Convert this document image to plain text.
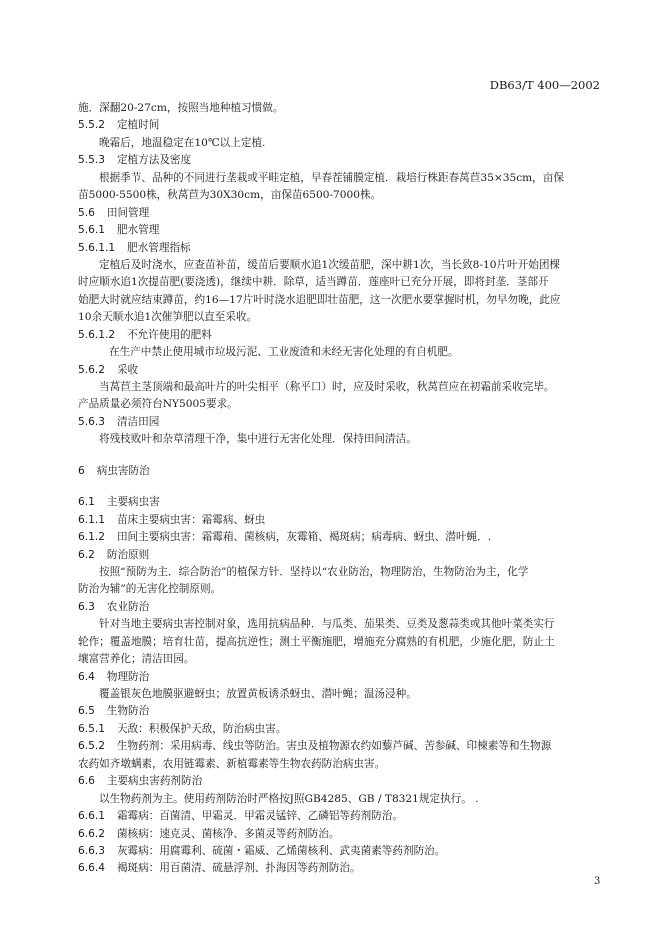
DB63/T 400—2002
施．深翻20-27cm，按照当地种植习惯做。
5.5.2 定植时间
晚霜后，地温稳定在10℃以上定植.
5.5.3 定植方法及密度
根据季节、品种的不同进行垄栽或平畦定植，早春茬铺膜定植．栽培行株距春莴苣35×35cm，亩保
苗5000-5500株，秋莴苣为30X30cm，亩保苗6500-7000株。
5.6 田间管理
5.6.1 肥水管理
5.6.1.1 肥水管理指标
定植后及时浇水，应查苗补苗，缓苗后要顺水追1次缓苗肥，深中耕1次，当长致8-10片叶开始团棵
时应顺水追1次提苗肥(要浇透)，继续中耕．除草，适当蹲苗．莲座叶已充分开展，即将封垄．茎部开
始肥大时就应结束蹲苗，约16—17片叶时浇水追肥即壮苗肥，这一次肥水要掌握时机，勿早勿晚，此应
10余天顺水追1次催笋肥以直至采收。
5.6.1.2 不允许使用的肥料
在生产中禁止使用城市垃圾污泥、工业废渣和未经无害化处理的有自机肥。
5.6.2 采收
当莴苣主茎顶端和最高叶片的叶尖相平（称平口）时，应及时采收，秋莴苣应在初霜前采收完毕。
产品质量必须符台NY5005要求。
5.6.3 清洁田园
将残枝败叶和杂草清理干净，集中进行无害化处理．保持田间清洁。
6 病虫害防治
6.1 主要病虫害
6.1.1 苗床主要病虫害：霜霉病、蚜虫
6.1.2 田间主要病虫害：霜霉葙、菌核病，灰霉箱、褐斑病；病毒病、蚜虫、潜叶蝇．.
6.2 防治原则
按照“预防为主．综合防治”的植保方针．坚持以“农业防治，物理防治，生物防治为主，化学
防治为辅”的无害化控制原则。
6.3 农业防治
针对当地主要病虫害控制对象，选用抗病品种．与瓜类、茄果类、豆类及葱蒜类或其他叶菜类实行
轮作；覆盖地膜；培育壮苗，提高抗逆性；测土平衡施肥，增施充分腐熟的有机肥，少施化肥，防止土
壤富营养化；清洁田园。
6.4 物理防治
覆盖银灰色地膜驱避蚜虫；放置黄板诱杀蚜虫、潜叶蝇；温汤浸种。
6.5 生物防治
6.5.1 天敌：积极保护天敌，防治病虫害。
6.5.2 生物药剂：采用病毒、线虫等防治。害虫及植物源农约如藜芦碱、苦参碱、印楝素等和生物源
农药如齐墩螨素，农用链霉素、新植霉素等生物农药防治病虫害。
6.6 主要病虫害药剂防治
以生物药剂为主。使用药剂防治时严格按J照GB4285、GB / T8321规定执行。 .
6.6.1 霜霉病：百菌清、甲霜灵．甲霜灵锰锌、乙磷铝等药剂防治。
6.6.2 菌核病：速克灵、菌核净、多菌灵等药剂防治。
6.6.3 灰霉病：用腐霉利、硫菌・霜威、乙烯菌核利、武夷菌素等药剂防治。
6.6.4 褐斑病：用百菌清、硫悬浮剂、扑海因等药剂防治。
3
